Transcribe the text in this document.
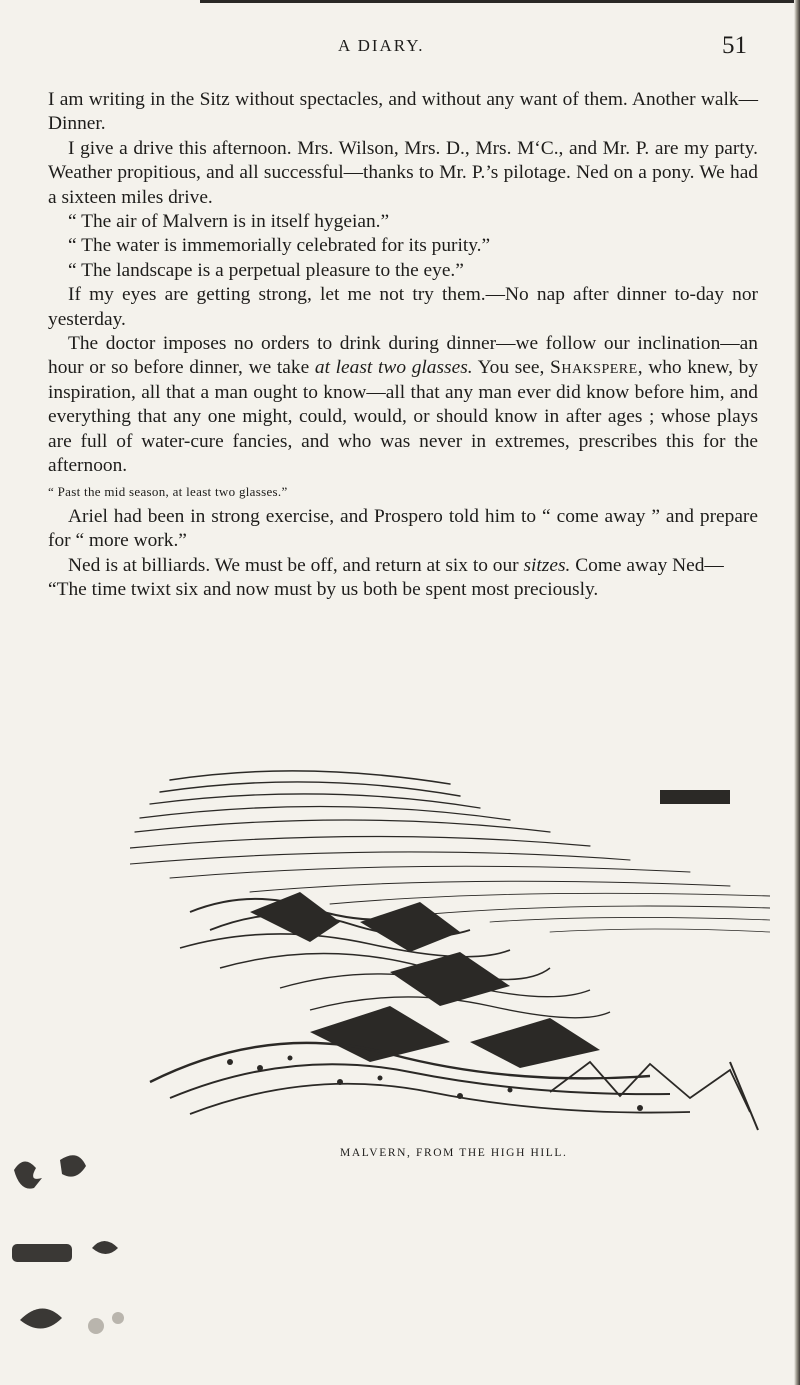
A DIARY.	51

I am writing in the Sitz without spectacles, and without any want of them. Another walk—Dinner.

I give a drive this afternoon. Mrs. Wilson, Mrs. D., Mrs. M‘C., and Mr. P. are my party. Weather propitious, and all successful—thanks to Mr. P.’s pilotage. Ned on a pony. We had a sixteen miles drive.

“ The air of Malvern is in itself hygeian.”

“ The water is immemorially celebrated for its purity.”

“ The landscape is a perpetual pleasure to the eye.”

If my eyes are getting strong, let me not try them.—No nap after dinner to-day nor yesterday.

The doctor imposes no orders to drink during dinner—we follow our inclination—an hour or so before dinner, we take at least two glasses. You see, Shakspere, who knew, by inspiration, all that a man ought to know—all that any man ever did know before him, and everything that any one might, could, would, or should know in after ages ; whose plays are full of water-cure fancies, and who was never in extremes, prescribes this for the afternoon.

“ Past the mid season, at least two glasses.”

Ariel had been in strong exercise, and Prospero told him to “ come away ” and prepare for “ more work.”

Ned is at billiards. We must be off, and return at six to our sitzes. Come away Ned—

“The time twixt six and now must by us both be spent most preciously.

MALVERN, FROM THE HIGH HILL.
